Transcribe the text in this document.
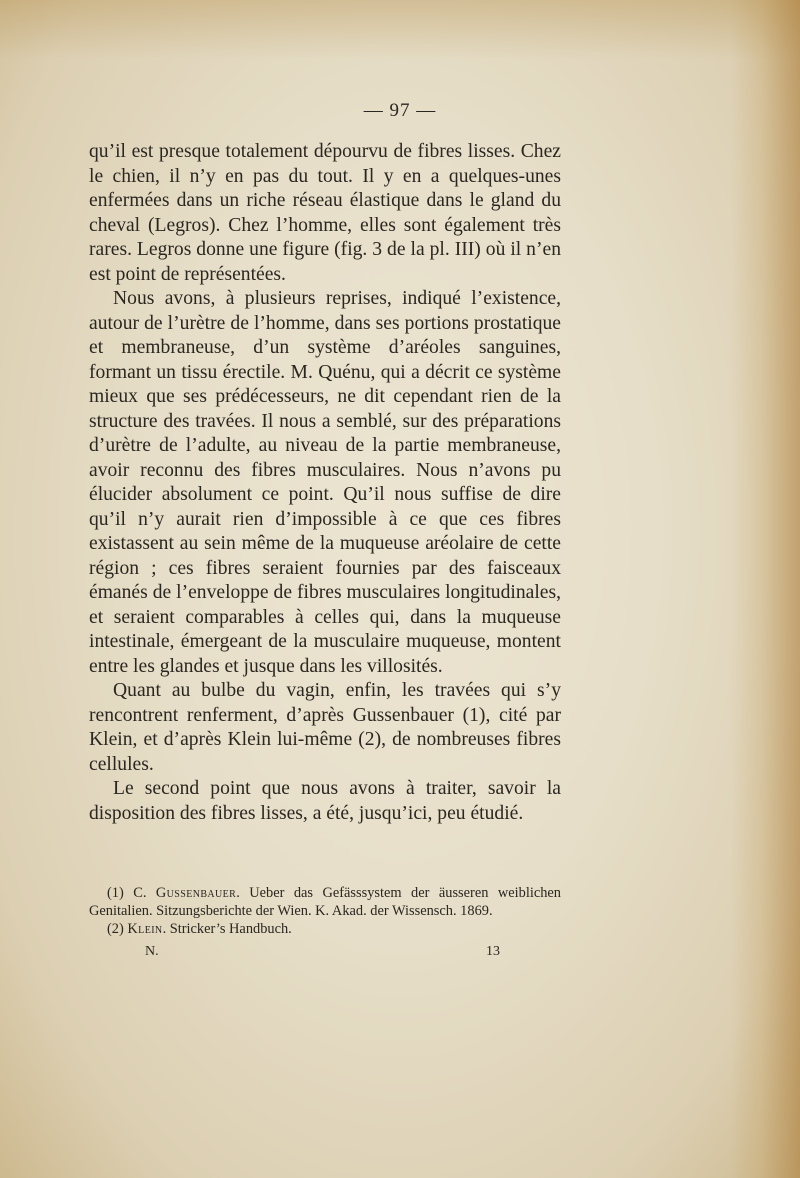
— 97 —

qu’il est presque totalement dépourvu de fibres lisses. Chez le chien, il n’y en pas du tout. Il y en a quelques-unes enfermées dans un riche réseau élastique dans le gland du cheval (Legros). Chez l’homme, elles sont également très rares. Legros donne une figure (fig. 3 de la pl. III) où il n’en est point de représentées.

Nous avons, à plusieurs reprises, indiqué l’existence, autour de l’urètre de l’homme, dans ses portions prostatique et membraneuse, d’un système d’aréoles sanguines, formant un tissu érectile. M. Quénu, qui a décrit ce système mieux que ses prédécesseurs, ne dit cependant rien de la structure des travées. Il nous a semblé, sur des préparations d’urètre de l’adulte, au niveau de la partie membraneuse, avoir reconnu des fibres musculaires. Nous n’avons pu élucider absolument ce point. Qu’il nous suffise de dire qu’il n’y aurait rien d’impossible à ce que ces fibres existassent au sein même de la muqueuse aréolaire de cette région ; ces fibres seraient fournies par des faisceaux émanés de l’enveloppe de fibres musculaires longitudinales, et seraient comparables à celles qui, dans la muqueuse intestinale, émergeant de la musculaire muqueuse, montent entre les glandes et jusque dans les villosités.

Quant au bulbe du vagin, enfin, les travées qui s’y rencontrent renferment, d’après Gussenbauer (1), cité par Klein, et d’après Klein lui-même (2), de nombreuses fibres cellules.

Le second point que nous avons à traiter, savoir la disposition des fibres lisses, a été, jusqu’ici, peu étudié.

(1) C. Gussenbauer. Ueber das Gefässsystem der äusseren weiblichen Genitalien. Sitzungsberichte der Wien. K. Akad. der Wissensch. 1869.

(2) Klein. Stricker’s Handbuch.

N.	13
